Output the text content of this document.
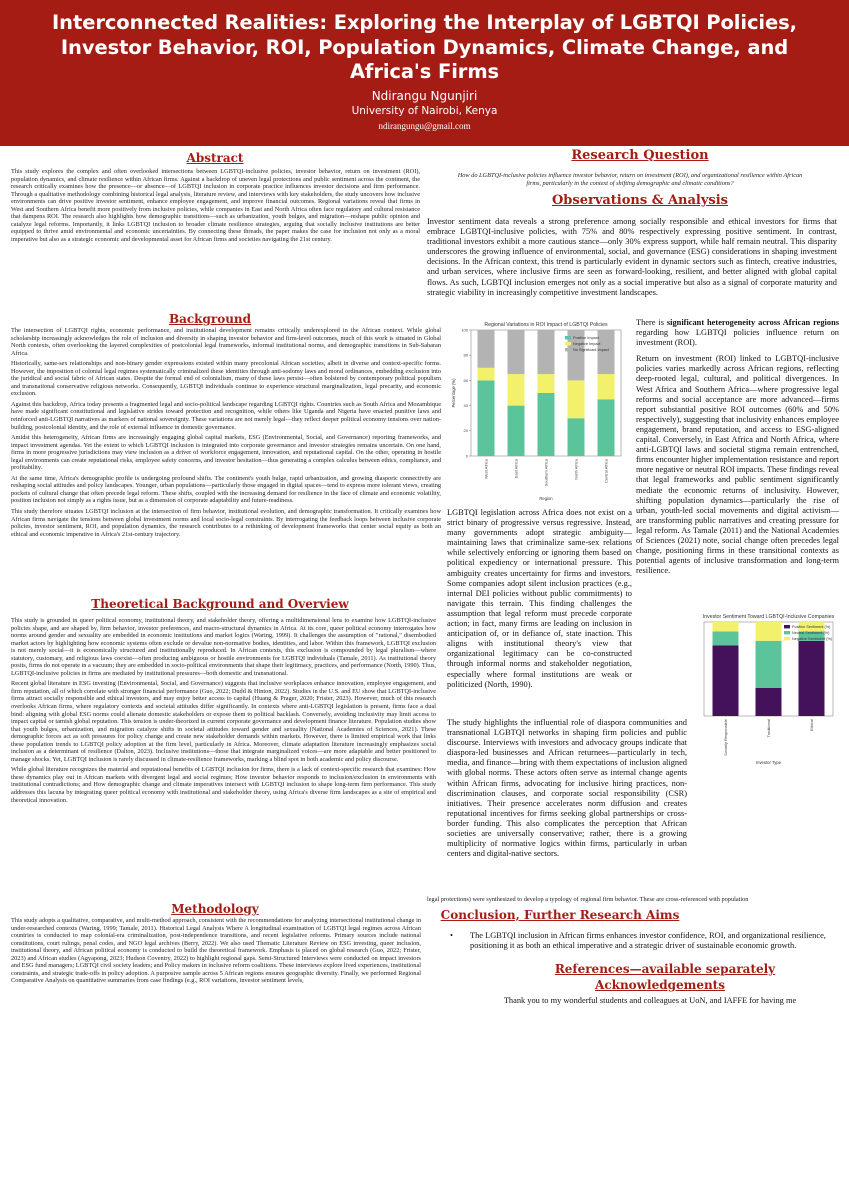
Interconnected Realities: Exploring the Interplay of LGBTQI Policies, Investor Behavior, ROI, Population Dynamics, Climate Change, and Africa's Firms
Ndirangu Ngunjiri
University of Nairobi, Kenya
ndirangungu@gmail.com
Abstract
This study explores the complex and often overlooked intersections between LGBTQI-inclusive policies, investor behavior, return on investment (ROI), population dynamics, and climate resilience within African firms. Against a backdrop of uneven legal protections and public sentiment across the continent, the research critically examines how the presence—or absence—of LGBTQI inclusion in corporate practice influences investor decisions and firm performance. Through a qualitative methodology combining historical legal analysis, literature review, and interviews with key stakeholders, the study uncovers how inclusive environments can drive positive investor sentiment, enhance employee engagement, and improve financial outcomes. Regional variations reveal that firms in West and Southern Africa benefit more positively from inclusive policies, while companies in East and North Africa often face regulatory and cultural resistance that dampens ROI. The research also highlights how demographic transitions—such as urbanization, youth bulges, and migration—reshape public opinion and catalyze legal reforms. Importantly, it links LGBTQI inclusion to broader climate resilience strategies, arguing that socially inclusive institutions are better equipped to thrive amid environmental and economic uncertainties. By connecting these threads, the paper makes the case for inclusion not only as a moral imperative but also as a strategic economic and developmental asset for African firms and societies navigating the 21st century.
Research Question
How do LGBTQI-inclusive policies influence investor behavior, return on investment (ROI), and organizational resilience within African firms, particularly in the context of shifting demographic and climatic conditions?
Observations & Analysis
Investor sentiment data reveals a strong preference among socially responsible and ethical investors for firms that embrace LGBTQI-inclusive policies, with 75% and 80% respectively expressing positive sentiment. In contrast, traditional investors exhibit a more cautious stance—only 30% express support, while half remain neutral. This disparity underscores the growing influence of environmental, social, and governance (ESG) considerations in shaping investment decisions. In the African context, this trend is particularly evident in dynamic sectors such as fintech, creative industries, and urban services, where inclusive firms are seen as forward-looking, resilient, and better aligned with global capital flows. As such, LGBTQI inclusion emerges not only as a social imperative but also as a signal of corporate maturity and strategic viability in increasingly competitive investment landscapes.
Background

The intersection of LGBTQI rights, economic performance, and institutional development remains critically underexplored in the African context. While global scholarship increasingly acknowledges the role of inclusion and diversity in shaping investor behavior and firm-level outcomes, much of this work is situated in Global North contexts, often overlooking the layered complexities of postcolonial legal frameworks, informal institutional norms, and demographic transitions in Sub-Saharan Africa.

Historically, same-sex relationships and non-binary gender expressions existed within many precolonial African societies, albeit in diverse and context-specific forms. However, the imposition of colonial legal regimes systematically criminalized these identities through anti-sodomy laws and moral ordinances, embedding exclusion into the juridical and social fabric of African states. Despite the formal end of colonialism, many of these laws persist—often bolstered by contemporary political populism and transnational conservative religious networks. Consequently, LGBTQI individuals continue to experience structural marginalization, legal precarity, and economic exclusion.

Against this backdrop, Africa today presents a fragmented legal and socio-political landscape regarding LGBTQI rights. Countries such as South Africa and Mozambique have made significant constitutional and legislative strides toward protection and recognition, while others like Uganda and Nigeria have enacted punitive laws and reinforced anti-LGBTQI narratives as markers of national sovereignty. These variations are not merely legal—they reflect deeper political economy tensions over nation-building, postcolonial identity, and the role of external influence in domestic governance.

Amidst this heterogeneity, African firms are increasingly engaging global capital markets, ESG (Environmental, Social, and Governance) reporting frameworks, and impact investment agendas. Yet the extent to which LGBTQI inclusion is integrated into corporate governance and investor strategies remains uncertain. On one hand, firms in more progressive jurisdictions may view inclusion as a driver of workforce engagement, innovation, and reputational capital. On the other, operating in hostile legal environments can create reputational risks, employee safety concerns, and investor hesitation—thus generating a complex calculus between ethics, compliance, and profitability.

At the same time, Africa's demographic profile is undergoing profound shifts. The continent's youth bulge, rapid urbanization, and growing diasporic connectivity are reshaping social attitudes and policy landscapes. Younger, urban populations—particularly those engaged in digital spaces—tend to express more tolerant views, creating pockets of cultural change that often precede legal reform. These shifts, coupled with the increasing demand for resilience in the face of climate and economic volatility, position inclusion not simply as a rights issue, but as a dimension of corporate adaptability and future-readiness.

This study therefore situates LGBTQI inclusion at the intersection of firm behavior, institutional evolution, and demographic transformation. It critically examines how African firms navigate the tensions between global investment norms and local socio-legal constraints. By interrogating the feedback loops between inclusive corporate policies, investor sentiment, ROI, and population dynamics, the research contributes to a rethinking of development frameworks that center social equity as both an ethical and economic imperative in Africa's 21st-century trajectory.

Regional Variations in ROI Impact of LGBTQI Policies
0
20
40
60
80
100
Percentage (%)
West Africa	East Africa	Southern Africa	North Africa	Central Africa
Region
Positive Impact
Negative Impact
No Significant Impact

There is significant heterogeneity across African regions regarding how LGBTQI policies influence return on investment (ROI).

Return on investment (ROI) linked to LGBTQI-inclusive policies varies markedly across African regions, reflecting deep-rooted legal, cultural, and political divergences. In West Africa and Southern Africa—where progressive legal reforms and social acceptance are more advanced—firms report substantial positive ROI outcomes (60% and 50% respectively), suggesting that inclusivity enhances employee engagement, brand reputation, and access to ESG-aligned capital. Conversely, in East Africa and North Africa, where anti-LGBTQI laws and societal stigma remain entrenched, firms encounter higher implementation resistance and report more negative or neutral ROI impacts. These findings reveal that legal frameworks and public sentiment significantly mediate the economic returns of inclusivity. However, shifting population dynamics—particularly the rise of urban, youth-led social movements and digital activism—are transforming public narratives and creating pressure for legal reform. As Tamale (2011) and the National Academies of Sciences (2021) note, social change often precedes legal change, positioning firms in these transitional contexts as potential agents of inclusive transformation and long-term resilience.

LGBTQI legislation across Africa does not exist on a strict binary of progressive versus regressive. Instead, many governments adopt strategic ambiguity—maintaining laws that criminalize same-sex relations while selectively enforcing or ignoring them based on political expediency or international pressure. This ambiguity creates uncertainty for firms and investors. Some companies adopt silent inclusion practices (e.g., internal DEI policies without public commitments) to navigate this terrain. This finding challenges the assumption that legal reform must precede corporate action; in fact, many firms are leading on inclusion in anticipation of, or in defiance of, state inaction. This aligns with institutional theory's view that organizational legitimacy can be co-constructed through informal norms and stakeholder negotiation, especially where formal institutions are weak or politicized (North, 1990).
Investor Sentiment Toward LGBTQI-Inclusive Companies
Socially Responsible	Traditional	Ethical
Investor Type
Positive Sentiment (%)
Neutral Sentiment (%)
Negative Sentiment (%)
Theoretical Background and Overview

This study is grounded in queer political economy, institutional theory, and stakeholder theory, offering a multidimensional lens to examine how LGBTQI-inclusive policies shape, and are shaped by, firm behavior, investor preferences, and macro-structural dynamics in Africa. At its core, queer political economy interrogates how norms around gender and sexuality are embedded in economic institutions and market logics (Waring, 1999). It challenges the assumption of "rational," disembodied market actors by highlighting how economic systems often exclude or devalue non-normative bodies, identities, and labor. Within this framework, LGBTQI exclusion is not merely social—it is economically structured and institutionally reproduced. In African contexts, this exclusion is compounded by legal pluralism—where statutory, customary, and religious laws coexist—often producing ambiguous or hostile environments for LGBTQI individuals (Tamale, 2011). As institutional theory posits, firms do not operate in a vacuum; they are embedded in socio-political environments that shape their legitimacy, practices, and performance (North, 1990). Thus, LGBTQI-inclusive policies in firms are mediated by institutional pressures—both domestic and transnational.

Recent global literature in ESG investing (Environmental, Social, and Governance) suggests that inclusive workplaces enhance innovation, employee engagement, and firm reputation, all of which correlate with stronger financial performance (Guo, 2022; Dudd & Hinton, 2022). Studies in the U.S. and EU show that LGBTQI-inclusive firms attract socially responsible and ethical investors, and may enjoy better access to capital (Huang & Prager, 2020; Frister, 2023). However, much of this research overlooks African firms, where regulatory contexts and societal attitudes differ significantly. In contexts where anti-LGBTQI legislation is present, firms face a dual bind: aligning with global ESG norms could alienate domestic stakeholders or expose them to political backlash. Conversely, avoiding inclusivity may limit access to impact capital or tarnish global reputation. This tension is under-theorized in current corporate governance and development finance literature. Population studies show that youth bulges, urbanization, and migration catalyze shifts in societal attitudes toward gender and sexuality (National Academies of Sciences, 2021). These demographic forces act as soft pressures for policy change and create new stakeholder demands within markets. However, there is limited empirical work that links these population trends to LGBTQI policy adoption at the firm level, particularly in Africa. Moreover, climate adaptation literature increasingly emphasizes social inclusion as a determinant of resilience (Dalton, 2023). Inclusive institutions—those that integrate marginalized voices—are more adaptable and better positioned to manage shocks. Yet, LGBTQI inclusion is rarely discussed in climate-resilience frameworks, marking a blind spot in both academic and policy discourse.

While global literature recognizes the material and reputational benefits of LGBTQI inclusion for firms, there is a lack of context-specific research that examines: How these dynamics play out in African markets with divergent legal and social regimes; How investor behavior responds to inclusion/exclusion in environments with institutional contradictions; and How demographic change and climate imperatives intersect with LGBTQI inclusion to shape long-term firm performance. This study addresses this lacuna by integrating queer political economy with institutional and stakeholder theory, using Africa's diverse firm landscapes as a site of empirical and theoretical innovation.

The study highlights the influential role of diaspora communities and transnational LGBTQI networks in shaping firm policies and public discourse. Interviews with investors and advocacy groups indicate that diaspora-led businesses and African returnees—particularly in tech, media, and finance—bring with them expectations of inclusion aligned with global norms. These actors often serve as internal change agents within African firms, advocating for inclusive hiring practices, non-discrimination clauses, and corporate social responsibility (CSR) initiatives. Their presence accelerates norm diffusion and creates reputational incentives for firms seeking global partnerships or cross-border funding. This also complicates the perception that African societies are universally conservative; rather, there is a growing multiplicity of normative logics within firms, particularly in urban centers and digital-native sectors.
Methodology
This study adopts a qualitative, comparative, and multi-method approach, consistent with the recommendations for analyzing intersectional institutional change in under-researched contexts (Waring, 1999; Tamale, 2011). Historical Legal Analysis Where A longitudinal examination of LGBTQI legal regimes across African countries is conducted to map colonial-era criminalization, post-independence transitions, and recent legislative reforms. Primary sources include national constitutions, court rulings, penal codes, and NGO legal archives (Berry, 2022). We also used Thematic Literature Review on ESG investing, queer inclusion, institutional theory, and African political economy is conducted to build the theoretical framework. Emphasis is placed on global research (Guo, 2022; Frister, 2023) and African studies (Agyapong, 2023; Hudson Coventry, 2022) to highlight regional gaps. Semi-Structured Interviews were conducted on impact investors and ESG fund managers; LGBTQI civil society leaders; and Policy makers in inclusive reform coalitions. These interviews explore lived experiences, institutional constraints, and strategic trade-offs in policy adoption. A purposive sample across 5 African regions ensures geographic diversity. Finally, we performed Regional Comparative Analysis on quantitative summaries from case findings (e.g., ROI variations, investor sentiment levels,
legal protections) were synthesized to develop a typology of regional firm behavior. These are cross-referenced with population
Conclusion, Further Research Aims
• The LGBTQI inclusion in African firms enhances investor confidence, ROI, and organizational resilience, positioning it as both an ethical imperative and a strategic driver of sustainable economic growth.
References—available separately
Acknowledgements
Thank you to my wonderful students and colleagues at UoN, and IAFFE for having me
